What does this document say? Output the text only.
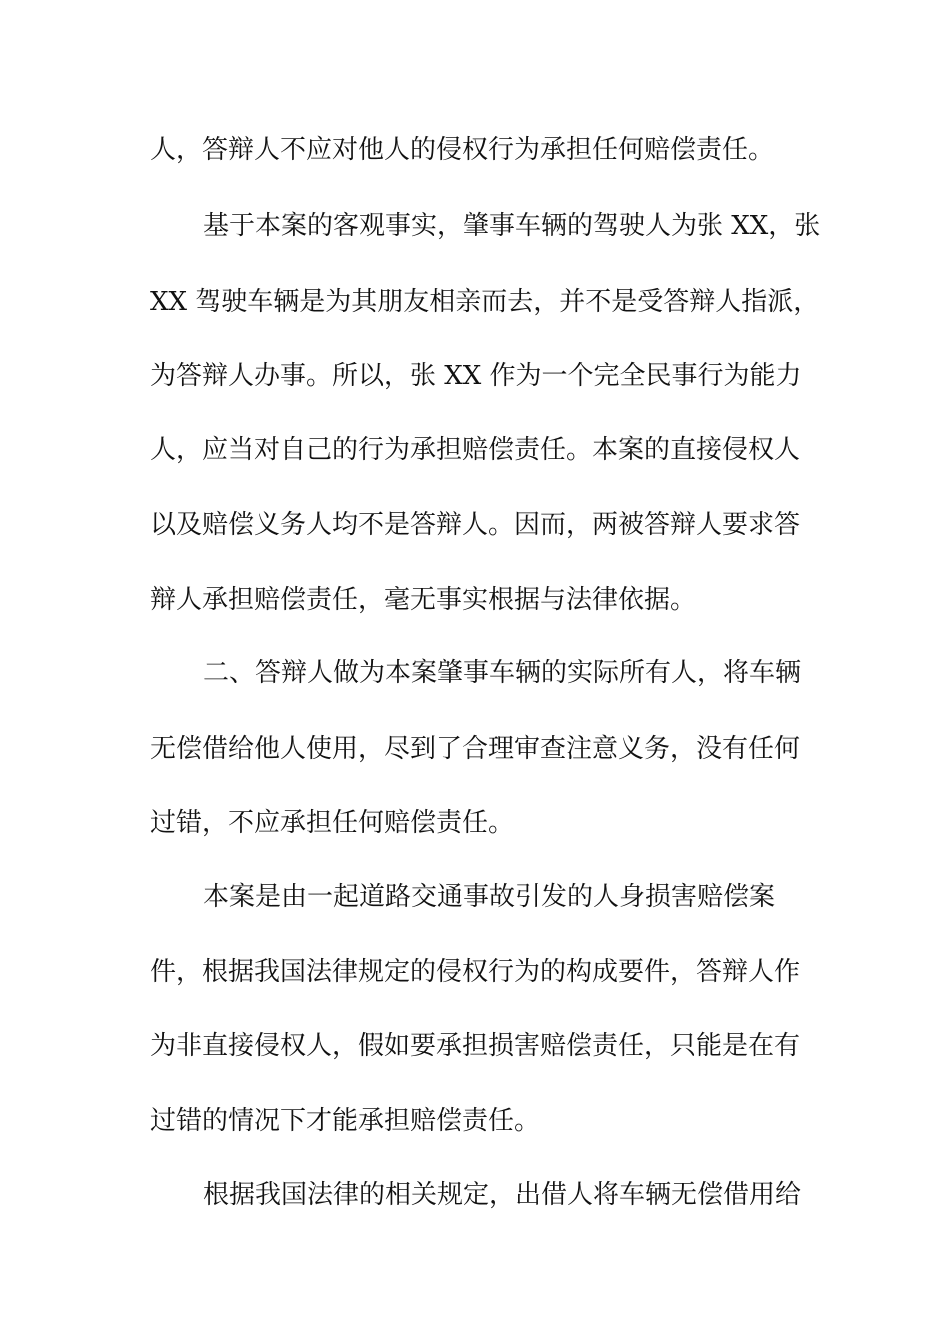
人，答辩人不应对他人的侵权行为承担任何赔偿责任。
基于本案的客观事实，肇事车辆的驾驶人为张 XX，张
XX 驾驶车辆是为其朋友相亲而去，并不是受答辩人指派，
为答辩人办事。所以，张 XX 作为一个完全民事行为能力
人，应当对自己的行为承担赔偿责任。本案的直接侵权人
以及赔偿义务人均不是答辩人。因而，两被答辩人要求答
辩人承担赔偿责任，毫无事实根据与法律依据。
二、答辩人做为本案肇事车辆的实际所有人，将车辆
无偿借给他人使用，尽到了合理审查注意义务，没有任何
过错，不应承担任何赔偿责任。
本案是由一起道路交通事故引发的人身损害赔偿案
件，根据我国法律规定的侵权行为的构成要件，答辩人作
为非直接侵权人，假如要承担损害赔偿责任，只能是在有
过错的情况下才能承担赔偿责任。
根据我国法律的相关规定，出借人将车辆无偿借用给
